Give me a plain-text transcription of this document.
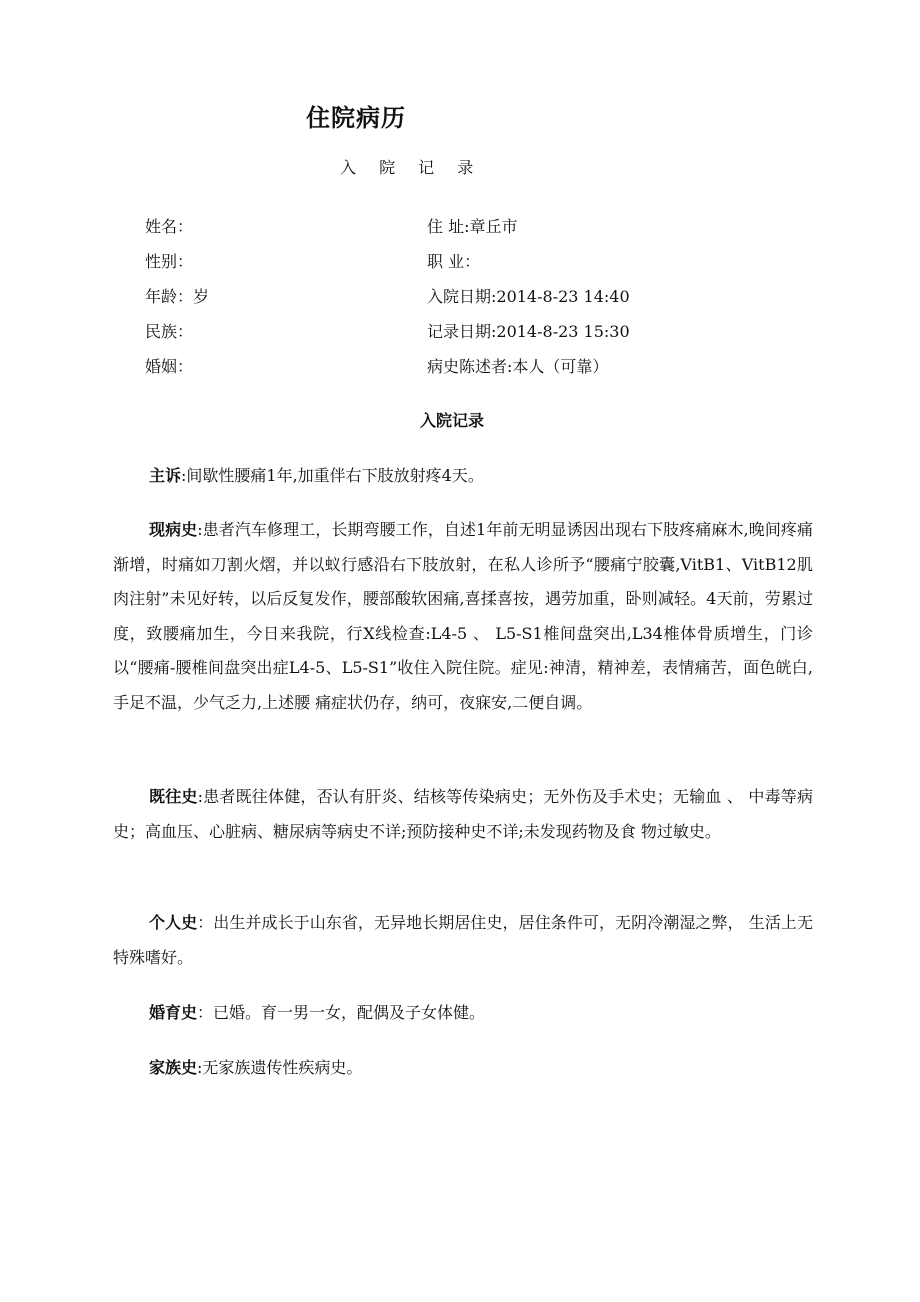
住院病历
入 院 记 录
姓名：
性别：
年龄：岁
民族：
婚姻：
住 址:章丘市
职 业：
入院日期:2014-8-23 14:40
记录日期:2014-8-23 15:30
病史陈述者:本人（可靠）
入院记录
主诉:间歇性腰痛1年,加重伴右下肢放射疼4天。
现病史:患者汽车修理工，长期弯腰工作，自述1年前无明显诱因出现右下肢疼痛麻木,晚间疼痛渐增，时痛如刀割火熠，并以蚁行感沿右下肢放射，在私人诊所予“腰痛宁胶囊,VitB1、VitB12肌肉注射”未见好转，以后反复发作，腰部酸软困痛,喜揉喜按，遇劳加重，卧则减轻。4天前，劳累过度，致腰痛加生，今日来我院，行X线检查:L4-5 、 L5-S1椎间盘突出,L34椎体骨质增生，门诊以“腰痛-腰椎间盘突出症L4-5、L5-S1”收住入院住院。症见:神清，精神差，表情痛苦，面色㿠白,手足不温，少气乏力,上述腰 痛症状仍存，纳可，夜寐安,二便自调。
既往史:患者既往体健，否认有肝炎、结核等传染病史；无外伤及手术史；无输血 、 中毒等病史；高血压、心脏病、糖尿病等病史不详;预防接种史不详;未发现药物及食 物过敏史。
个人史：出生并成长于山东省，无异地长期居住史，居住条件可，无阴冷潮湿之弊， 生活上无特殊嗜好。
婚育史：已婚。育一男一女，配偶及子女体健。
家族史:无家族遗传性疾病史。
